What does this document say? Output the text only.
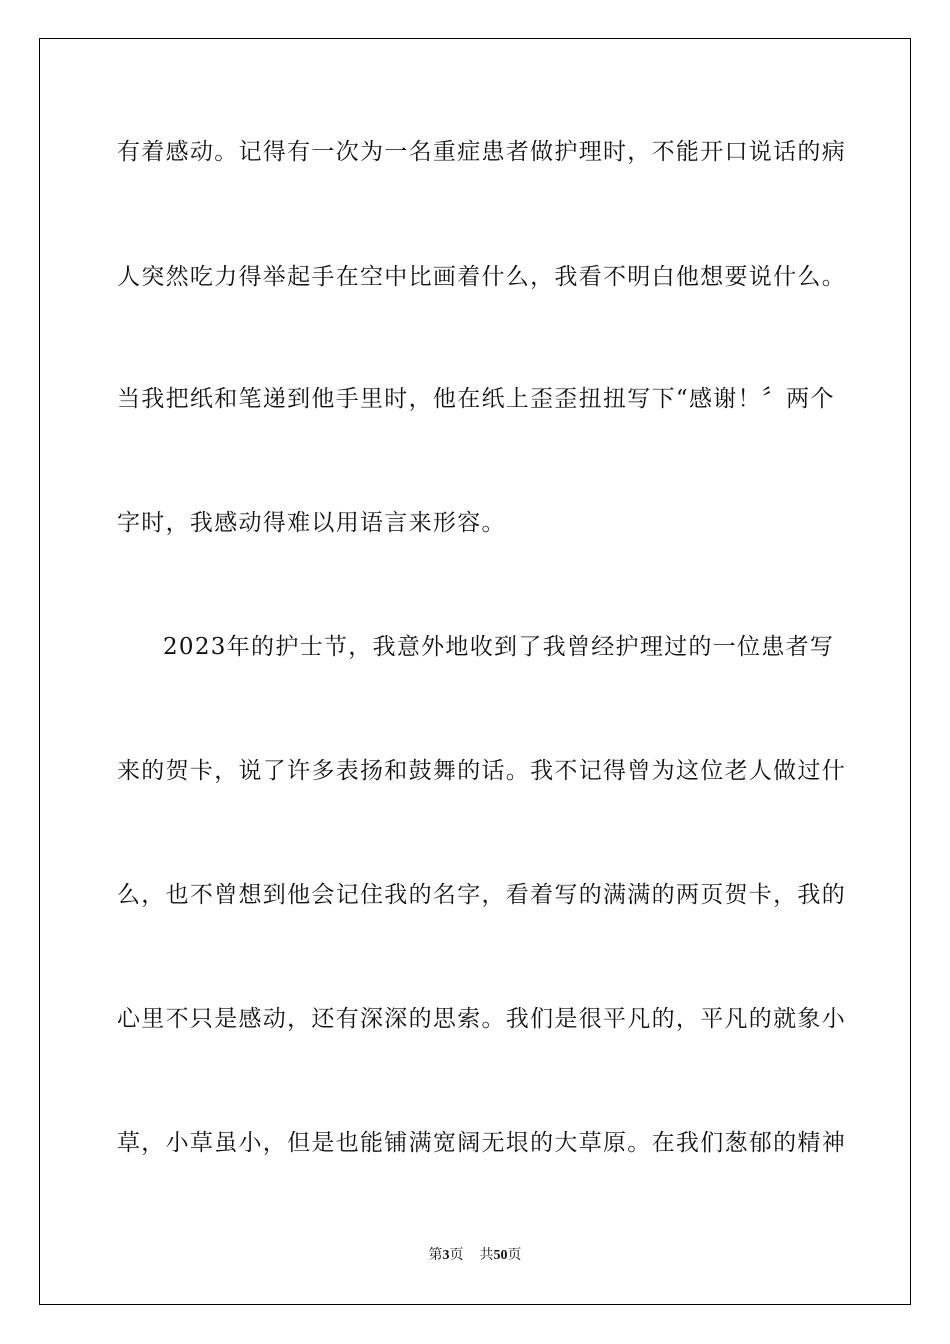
有着感动。记得有一次为一名重症患者做护理时，不能开口说话的病
人突然吃力得举起手在空中比画着什么，我看不明白他想要说什么。
当我把纸和笔递到他手里时，他在纸上歪歪扭扭写下“感谢！〞两个
字时，我感动得难以用语言来形容。
2023年的护士节，我意外地收到了我曾经护理过的一位患者写
来的贺卡，说了许多表扬和鼓舞的话。我不记得曾为这位老人做过什
么，也不曾想到他会记住我的名字，看着写的满满的两页贺卡，我的
心里不只是感动，还有深深的思索。我们是很平凡的，平凡的就象小
草，小草虽小，但是也能铺满宽阔无垠的大草原。在我们葱郁的精神
第3页 共50页
